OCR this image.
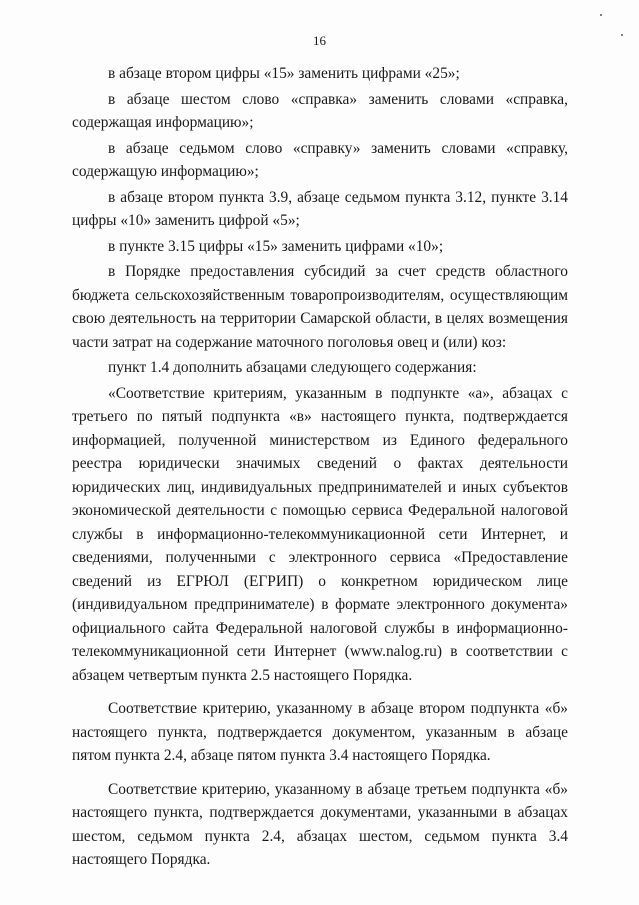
16

в абзаце втором цифры «15» заменить цифрами «25»;

в абзаце шестом слово «справка» заменить словами «справка, содержащая информацию»;

в абзаце седьмом слово «справку» заменить словами «справку, содержащую информацию»;

в абзаце втором пункта 3.9, абзаце седьмом пункта 3.12, пункте 3.14 цифры «10» заменить цифрой «5»;

в пункте 3.15 цифры «15» заменить цифрами «10»;

в Порядке предоставления субсидий за счет средств областного бюджета сельскохозяйственным товаропроизводителям, осуществляющим свою деятельность на территории Самарской области, в целях возмещения части затрат на содержание маточного поголовья овец и (или) коз:

пункт 1.4 дополнить абзацами следующего содержания:

«Соответствие критериям, указанным в подпункте «а», абзацах с третьего по пятый подпункта «в» настоящего пункта, подтверждается информацией, полученной министерством из Единого федерального реестра юридически значимых сведений о фактах деятельности юридических лиц, индивидуальных предпринимателей и иных субъектов экономической деятельности с помощью сервиса Федеральной налоговой службы в информационно-телекоммуникационной сети Интернет, и сведениями, полученными с электронного сервиса «Предоставление сведений из ЕГРЮЛ (ЕГРИП) о конкретном юридическом лице (индивидуальном предпринимателе) в формате электронного документа» официального сайта Федеральной налоговой службы в информационно-телекоммуникационной сети Интернет (www.nalog.ru) в соответствии с абзацем четвертым пункта 2.5 настоящего Порядка.

Соответствие критерию, указанному в абзаце втором подпункта «б» настоящего пункта, подтверждается документом, указанным в абзаце пятом пункта 2.4, абзаце пятом пункта 3.4 настоящего Порядка.

Соответствие критерию, указанному в абзаце третьем подпункта «б» настоящего пункта, подтверждается документами, указанными в абзацах шестом, седьмом пункта 2.4, абзацах шестом, седьмом пункта 3.4 настоящего Порядка.
